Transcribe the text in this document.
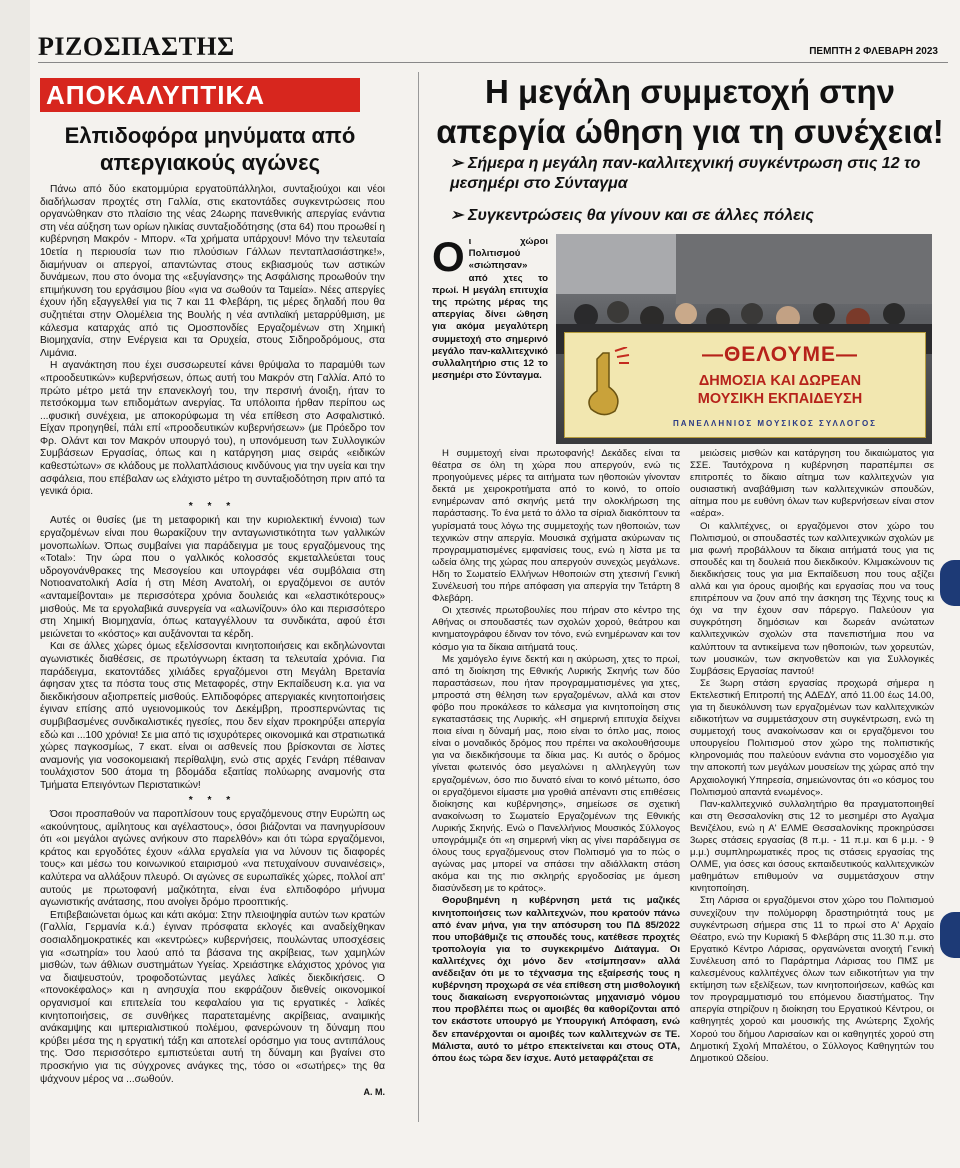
ΡΙΖΟΣΠΑΣΤΗΣ	ΠΕΜΠΤΗ 2 ΦΛΕΒΑΡΗ 2023
ΑΠΟΚΑΛΥΠΤΙΚΑ
Ελπιδοφόρα μηνύματα από απεργιακούς αγώνες

Πάνω από δύο εκατομμύρια εργατοϋπάλληλοι, συνταξιούχοι και νέοι διαδήλωσαν προχτές στη Γαλλία, στις εκατοντάδες συγκεντρώσεις που οργανώθηκαν στο πλαίσιο της νέας 24ωρης πανεθνικής απεργίας ενάντια στη νέα αύξηση των ορίων ηλικίας συνταξιοδότησης (στα 64) που προωθεί η κυβέρνηση Μακρόν - Μπορν. «Τα χρήματα υπάρχουν! Μόνο την τελευταία 10ετία η περιουσία των πιο πλούσιων Γάλλων πενταπλασιάστηκε!», διαμήνυαν οι απεργοί, απαντώντας στους εκβιασμούς των αστικών δυνάμεων, που στο όνομα της «εξυγίανσης» της Ασφάλισης προωθούν την επιμήκυνση του εργάσιμου βίου «για να σωθούν τα Ταμεία». Νέες απεργίες έχουν ήδη εξαγγελθεί για τις 7 και 11 Φλεβάρη, τις μέρες δηλαδή που θα συζητιέται στην Ολομέλεια της Βουλής η νέα αντιλαϊκή μεταρρύθμιση, με κάλεσμα καταρχάς από τις Ομοσπονδίες Εργαζομένων στη Χημική Βιομηχανία, στην Ενέργεια και τα Ορυχεία, στους Σιδηροδρόμους, στα Λιμάνια.

Η αγανάκτηση που έχει συσσωρευτεί κάνει θρύψαλα το παραμύθι των «προοδευτικών» κυβερνήσεων, όπως αυτή του Μακρόν στη Γαλλία. Από το πρώτο μέτρο μετά την επανεκλογή του, την περσινή άνοιξη, ήταν το πετσόκομμα των επιδομάτων ανεργίας. Τα υπόλοιπα ήρθαν περίπου ως ...φυσική συνέχεια, με αποκορύφωμα τη νέα επίθεση στο Ασφαλιστικό. Είχαν προηγηθεί, πάλι επί «προοδευτικών κυβερνήσεων» (με Πρόεδρο τον Φρ. Ολάντ και τον Μακρόν υπουργό του), η υπονόμευση των Συλλογικών Συμβάσεων Εργασίας, όπως και η κατάργηση μιας σειράς «ειδικών καθεστώτων» σε κλάδους με πολλαπλάσιους κινδύνους για την υγεία και την ασφάλεια, που επέβαλαν ως ελάχιστο μέτρο τη συνταξιοδότηση πριν από τα γενικά όρια.

* * *

Αυτές οι θυσίες (με τη μεταφορική και την κυριολεκτική έννοια) των εργαζομένων είναι που θωρακίζουν την ανταγωνιστικότητα των γαλλικών μονοπωλίων. Όπως συμβαίνει για παράδειγμα με τους εργαζόμενους της «Total»: Την ώρα που ο γαλλικός κολοσσός εκμεταλλεύεται τους υδρογονάνθρακες της Μεσογείου και υπογράφει νέα συμβόλαια στη Νοτιοανατολική Ασία ή στη Μέση Ανατολή, οι εργαζόμενοι σε αυτόν «ανταμείβονται» με περισσότερα χρόνια δουλειάς και «ελαστικότερους» μισθούς. Με τα εργολαβικά συνεργεία να «αλωνίζουν» όλο και περισσότερο στη Χημική Βιομηχανία, όπως καταγγέλλουν τα συνδικάτα, αφού έτσι μειώνεται το «κόστος» και αυξάνονται τα κέρδη.

Και σε άλλες χώρες όμως εξελίσσονται κινητοποιήσεις και εκδηλώνονται αγωνιστικές διαθέσεις, σε πρωτόγνωρη έκταση τα τελευταία χρόνια. Για παράδειγμα, εκατοντάδες χιλιάδες εργαζόμενοι στη Μεγάλη Βρετανία άφησαν χτες τα πόστα τους στις Μεταφορές, στην Εκπαίδευση κ.α. για να διεκδικήσουν αξιοπρεπείς μισθούς. Ελπιδοφόρες απεργιακές κινητοποιήσεις έγιναν επίσης από υγειονομικούς τον Δεκέμβρη, προσπερνώντας τις συμβιβασμένες συνδικαλιστικές ηγεσίες, που δεν είχαν προκηρύξει απεργία εδώ και ...100 χρόνια! Σε μια από τις ισχυρότερες οικονομικά και στρατιωτικά χώρες παγκοσμίως, 7 εκατ. είναι οι ασθενείς που βρίσκονται σε λίστες αναμονής για νοσοκομειακή περίθαλψη, ενώ στις αρχές Γενάρη πέθαιναν τουλάχιστον 500 άτομα τη βδομάδα εξαιτίας πολύωρης αναμονής στα Τμήματα Επειγόντων Περιστατικών!

* * *

Όσοι προσπαθούν να παροπλίσουν τους εργαζόμενους στην Ευρώπη ως «ακούνητους, αμίλητους και αγέλαστους», όσοι βιάζονται να πανηγυρίσουν ότι «οι μεγάλοι αγώνες ανήκουν στο παρελθόν» και ότι τώρα εργαζόμενοι, κράτος και εργοδότες έχουν «άλλα εργαλεία για να λύνουν τις διαφορές τους» και μέσω του κοινωνικού εταιρισμού «να πετυχαίνουν συναινέσεις», καλύτερα να αλλάξουν πλευρό. Οι αγώνες σε ευρωπαϊκές χώρες, πολλοί απ' αυτούς με πρωτοφανή μαζικότητα, είναι ένα ελπιδοφόρο μήνυμα αγωνιστικής ανάτασης, που ανοίγει δρόμο προοπτικής.

Επιβεβαιώνεται όμως και κάτι ακόμα: Στην πλειοψηφία αυτών των κρατών (Γαλλία, Γερμανία κ.ά.) έγιναν πρόσφατα εκλογές και αναδείχθηκαν σοσιαλδημοκρατικές και «κεντρώες» κυβερνήσεις, πουλώντας υποσχέσεις για «σωτηρία» του λαού από τα βάσανα της ακρίβειας, των χαμηλών μισθών, των άθλιων συστημάτων Υγείας. Χρειάστηκε ελάχιστος χρόνος για να διαψευστούν, τροφοδοτώντας μεγάλες λαϊκές διεκδικήσεις. Ο «πονοκέφαλος» και η ανησυχία που εκφράζουν διεθνείς οικονομικοί οργανισμοί και επιτελεία του κεφαλαίου για τις εργατικές - λαϊκές κινητοποιήσεις, σε συνθήκες παρατεταμένης ακρίβειας, αναιμικής ανάκαμψης και ιμπεριαλιστικού πολέμου, φανερώνουν τη δύναμη που κρύβει μέσα της η εργατική τάξη και αποτελεί ορόσημο για τους αντιπάλους της. Όσο περισσότερο εμπιστεύεται αυτή τη δύναμη και βγαίνει στο προσκήνιο για τις σύγχρονες ανάγκες της, τόσο οι «σωτήρες» της θα ψάχνουν μέρος να ...σωθούν.

Α. Μ.
Η μεγάλη συμμετοχή στην απεργία ώθηση για τη συνέχεια!
➢ Σήμερα η μεγάλη παν-καλλιτεχνική συγκέντρωση στις 12 το μεσημέρι στο Σύνταγμα
➢ Συγκεντρώσεις θα γίνουν και σε άλλες πόλεις
—ΘΕΛΟΥΜΕ—
ΔΗΜΟΣΙΑ ΚΑΙ ΔΩΡΕΑΝ
ΜΟΥΣΙΚΗ ΕΚΠΑΙΔΕΥΣΗ
ΠΑΝΕΛΛΗΝΙΟΣ ΜΟΥΣΙΚΟΣ ΣΥΛΛΟΓΟΣ
Οι χώροι Πολιτισμού «σιώπησαν» από χτες το πρωί. Η μεγάλη επιτυχία της πρώτης μέρας της απεργίας δίνει ώθηση για ακόμα μεγαλύτερη συμμετοχή στο σημερινό μεγάλο παν-καλλιτεχνικό συλλαλητήριο στις 12 το μεσημέρι στο Σύνταγμα.

Η συμμετοχή είναι πρωτοφανής! Δεκάδες είναι τα θέατρα σε όλη τη χώρα που απεργούν, ενώ τις προηγούμενες μέρες τα αιτήματα των ηθοποιών γίνονταν δεκτά με χειροκροτήματα από το κοινό, το οποίο ενημέρωναν από σκηνής μετά την ολοκλήρωση της παράστασης. Το ένα μετά το άλλο τα σίριαλ διακόπτουν τα γυρίσματά τους λόγω της συμμετοχής των ηθοποιών, των τεχνικών στην απεργία. Μουσικά σχήματα ακύρωναν τις προγραμματισμένες εμφανίσεις τους, ενώ η λίστα με τα ωδεία όλης της χώρας που απεργούν συνεχώς μεγάλωνε. Ηδη το Σωματείο Ελλήνων Ηθοποιών στη χτεσινή Γενική Συνέλευσή του πήρε απόφαση για απεργία την Τετάρτη 8 Φλεβάρη.

Οι χτεσινές πρωτοβουλίες που πήραν στο κέντρο της Αθήνας οι σπουδαστές των σχολών χορού, θεάτρου και κινηματογράφου έδιναν τον τόνο, ενώ ενημέρωναν και τον κόσμο για τα δίκαια αιτήματά τους.

Με χαμόγελο έγινε δεκτή και η ακύρωση, χτες το πρωί, από τη διοίκηση της Εθνικής Λυρικής Σκηνής των δύο παραστάσεων, που ήταν προγραμματισμένες για χτες, μπροστά στη θέληση των εργαζομένων, αλλά και στον φόβο που προκάλεσε το κάλεσμα για κινητοποίηση στις εγκαταστάσεις της Λυρικής. «Η σημερινή επιτυχία δείχνει ποια είναι η δύναμή μας, ποιο είναι το όπλο μας, ποιος είναι ο μοναδικός δρόμος που πρέπει να ακολουθήσουμε για να διεκδικήσουμε τα δίκια μας. Κι αυτός ο δρόμος γίνεται φωτεινός όσο μεγαλώνει η αλληλεγγύη των εργαζομένων, όσο πιο δυνατό είναι το κοινό μέτωπο, όσο οι εργαζόμενοι είμαστε μια γροθιά απέναντι στις επιθέσεις διοίκησης και κυβέρνησης», σημείωσε σε σχετική ανακοίνωση το Σωματείο Εργαζομένων της Εθνικής Λυρικής Σκηνής. Ενώ ο Πανελλήνιος Μουσικός Σύλλογος υπογράμμιζε ότι «η σημερινή νίκη ας γίνει παράδειγμα σε όλους τους εργαζόμενους στον Πολιτισμό για το πώς ο αγώνας μας μπορεί να σπάσει την αδιάλλακτη στάση ακόμα και της πιο σκληρής εργοδοσίας με άμεση διασύνδεση με το κράτος».

Θορυβημένη η κυβέρνηση μετά τις μαζικές κινητοποιήσεις των καλλιτεχνών, που κρατούν πάνω από έναν μήνα, για την απόσυρση του ΠΔ 85/2022 που υποβάθμιζε τις σπουδές τους, κατέθεσε προχτές τροπολογία για το συγκεκριμένο Διάταγμα. Οι καλλιτέχνες όχι μόνο δεν «τσίμπησαν» αλλά ανέδειξαν ότι με το τέχνασμα της εξαίρεσής τους η κυβέρνηση προχωρά σε νέα επίθεση στη μισθολογική τους διακαίωση ενεργοποιώντας μηχανισμό νόμου που προβλέπει πως οι αμοιβές θα καθορίζονται από τον εκάστοτε υπουργό με Υπουργική Απόφαση, ενώ δεν επανέρχονται οι αμοιβές των καλλιτεχνών σε ΤΕ. Μάλιστα, αυτό το μέτρο επεκτείνεται και στους ΟΤΑ, όπου έως τώρα δεν ίσχυε. Αυτό μεταφράζεται σε

μειώσεις μισθών και κατάργηση του δικαιώματος για ΣΣΕ. Ταυτόχρονα η κυβέρνηση παραπέμπει σε επιτροπές το δίκαιο αίτημα των καλλιτεχνών για ουσιαστική αναβάθμιση των καλλιτεχνικών σπουδών, αίτημα που με ευθύνη όλων των κυβερνήσεων είναι στον «αέρα».

Οι καλλιτέχνες, οι εργαζόμενοι στον χώρο του Πολιτισμού, οι σπουδαστές των καλλιτεχνικών σχολών με μια φωνή προβάλλουν τα δίκαια αιτήματά τους για τις σπουδές και τη δουλειά που διεκδικούν. Κλιμακώνουν τις διεκδικήσεις τους για μια Εκπαίδευση που τους αξίζει αλλά και για όρους αμοιβής και εργασίας που να τους επιτρέπουν να ζουν από την άσκηση της Τέχνης τους κι όχι να την έχουν σαν πάρεργο. Παλεύουν για συγκρότηση δημόσιων και δωρεάν ανώτατων καλλιτεχνικών σχολών στα πανεπιστήμια που να καλύπτουν τα αντικείμενα των ηθοποιών, των χορευτών, των μουσικών, των σκηνοθετών και για Συλλογικές Συμβάσεις Εργασίας παντού!

Σε 3ωρη στάση εργασίας προχωρά σήμερα η Εκτελεστική Επιτροπή της ΑΔΕΔΥ, από 11.00 έως 14.00, για τη διευκόλυνση των εργαζομένων των καλλιτεχνικών ειδικοτήτων να συμμετάσχουν στη συγκέντρωση, ενώ τη συμμετοχή τους ανακοίνωσαν και οι εργαζόμενοι του υπουργείου Πολιτισμού στον χώρο της πολιτιστικής κληρονομιάς που παλεύουν ενάντια στο νομοσχέδιο για την αποκοπή των μεγάλων μουσείων της χώρας από την Αρχαιολογική Υπηρεσία, σημειώνοντας ότι «ο κόσμος του Πολιτισμού απαντά ενωμένος».

Παν-καλλιτεχνικό συλλαλητήριο θα πραγματοποιηθεί και στη Θεσσαλονίκη στις 12 το μεσημέρι στο Αγαλμα Βενιζέλου, ενώ η Α' ΕΛΜΕ Θεσσαλονίκης προκηρύσσει 3ωρες στάσεις εργασίας (8 π.μ. - 11 π.μ. και 6 μ.μ. - 9 μ.μ.) συμπληρωματικές προς τις στάσεις εργασίας της ΟΛΜΕ, για όσες και όσους εκπαιδευτικούς καλλιτεχνικών μαθημάτων επιθυμούν να συμμετάσχουν στην κινητοποίηση.

Στη Λάρισα οι εργαζόμενοι στον χώρο του Πολιτισμού συνεχίζουν την πολύμορφη δραστηριότητά τους με συγκέντρωση σήμερα στις 11 το πρωί στο Α' Αρχαίο Θέατρο, ενώ την Κυριακή 5 Φλεβάρη στις 11.30 π.μ. στο Εργατικό Κέντρο Λάρισας, οργανώνεται ανοιχτή Γενική Συνέλευση από το Παράρτημα Λάρισας του ΠΜΣ με καλεσμένους καλλιτέχνες όλων των ειδικοτήτων για την εκτίμηση των εξελίξεων, των κινητοποιήσεων, καθώς και τον προγραμματισμό του επόμενου διαστήματος. Την απεργία στηρίζουν η διοίκηση του Εργατικού Κέντρου, οι καθηγητές χορού και μουσικής της Ανώτερης Σχολής Χορού του δήμου Λαρισαίων και οι καθηγητές χορού στη Δημοτική Σχολή Μπαλέτου, ο Σύλλογος Καθηγητών του Δημοτικού Ωδείου.
